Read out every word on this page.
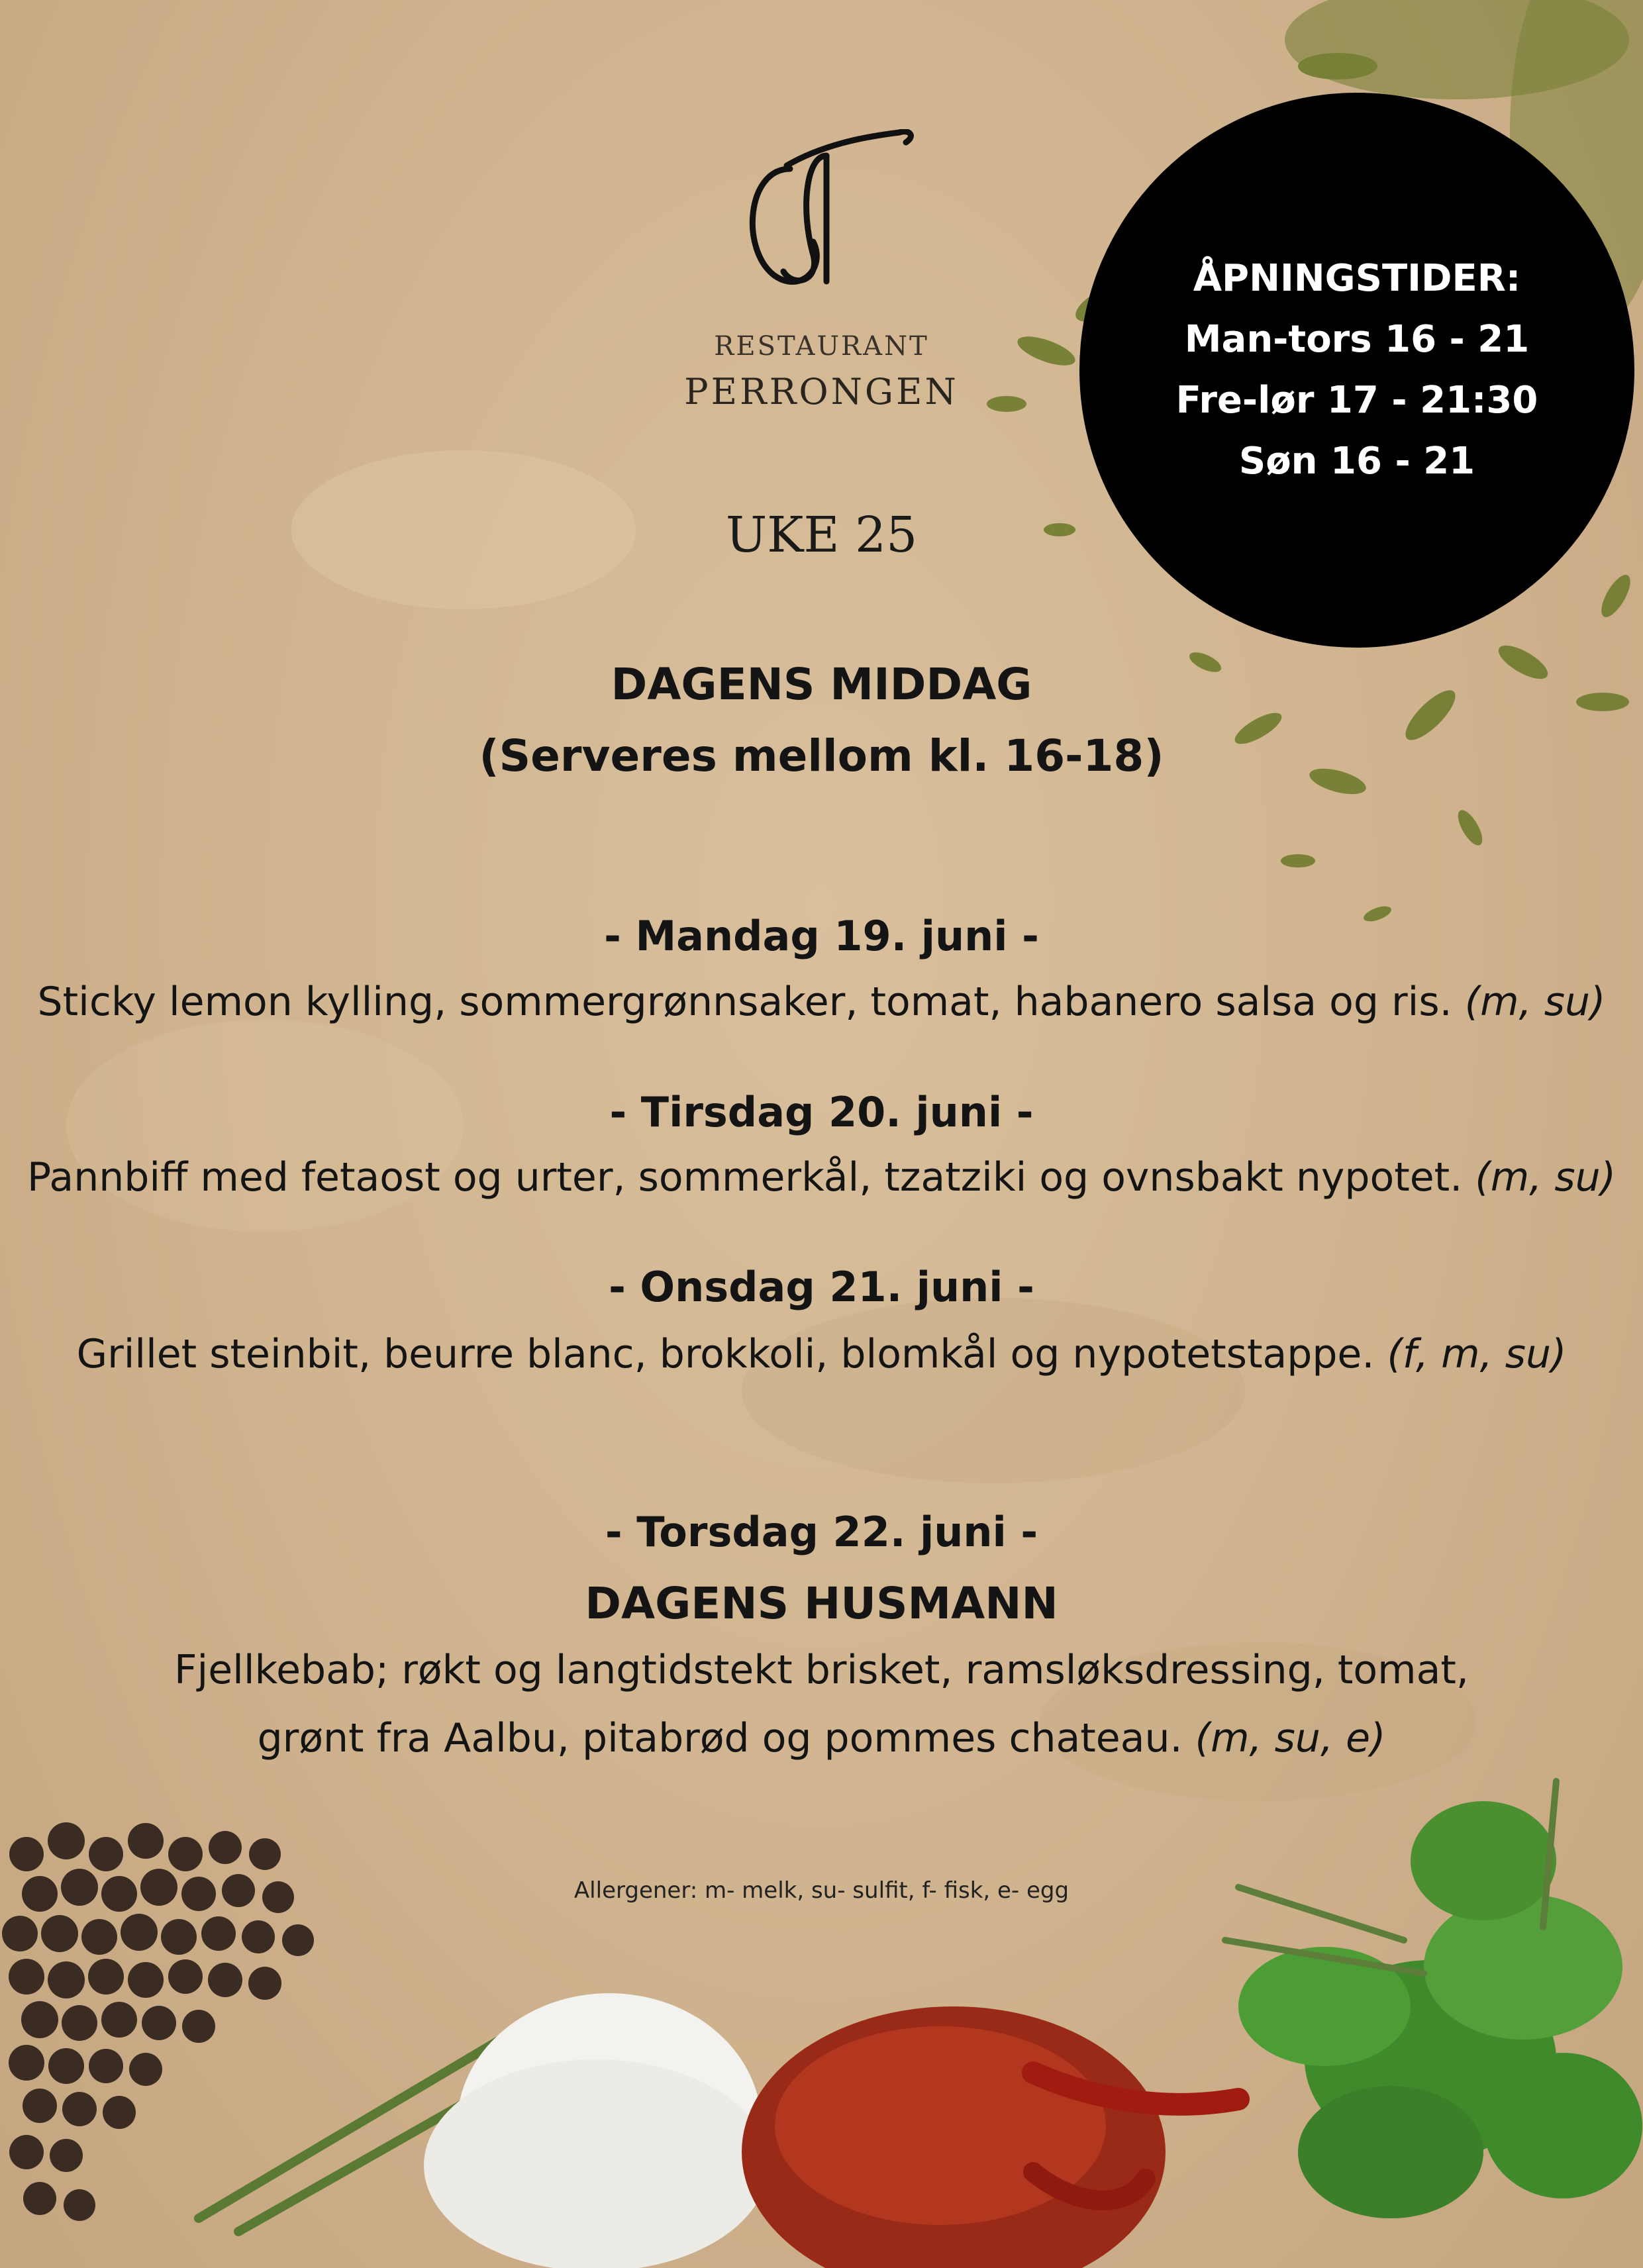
RESTAURANT
PERRONGEN
UKE 25
ÅPNINGSTIDER:
Man-tors 16 - 21
Fre-lør 17 - 21:30
Søn 16 - 21
DAGENS MIDDAG
(Serveres mellom kl. 16-18)
- Mandag 19. juni -
Sticky lemon kylling, sommergrønnsaker, tomat, habanero salsa og ris. (m, su)
- Tirsdag 20. juni -
Pannbiff med fetaost og urter, sommerkål, tzatziki og ovnsbakt nypotet. (m, su)
- Onsdag 21. juni -
Grillet steinbit, beurre blanc, brokkoli, blomkål og nypotetstappe. (f, m, su)
- Torsdag 22. juni -
DAGENS HUSMANN
Fjellkebab; røkt og langtidstekt brisket, ramsløksdressing, tomat,
grønt fra Aalbu, pitabrød og pommes chateau. (m, su, e)
Allergener: m- melk, su- sulfit, f- fisk, e- egg
